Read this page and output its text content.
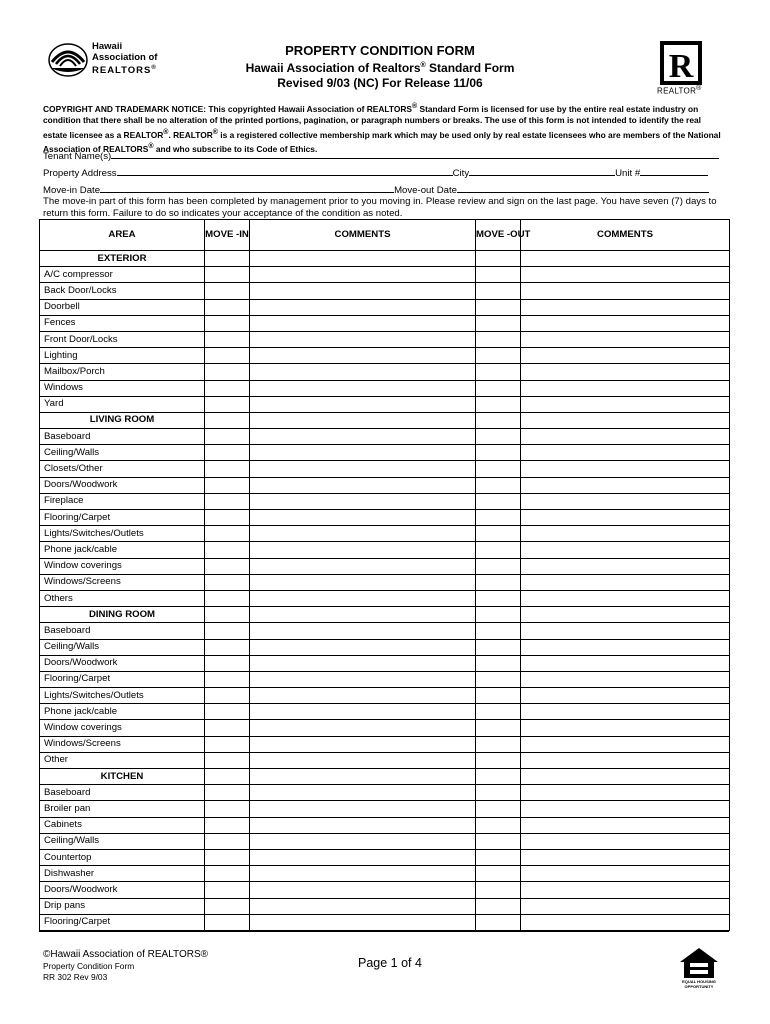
Hawaii
Association of
REALTORS®
PROPERTY CONDITION FORM
Hawaii Association of Realtors® Standard Form
Revised 9/03 (NC) For Release 11/06	R
REALTOR®
COPYRIGHT AND TRADEMARK NOTICE: This copyrighted Hawaii Association of REALTORS® Standard Form is licensed for use by the entire real estate industry on condition that there shall be no alteration of the printed portions, pagination, or paragraph numbers or breaks. The use of this form is not intended to identify the real estate licensee as a REALTOR®. REALTOR® is a registered collective membership mark which may be used only by real estate licensees who are members of the National Association of REALTORS® and who subscribe to its Code of Ethics.
Tenant Name(s)
Property Address	City	Unit #
Move-in Date	Move-out Date
The move-in part of this form has been completed by management prior to you moving in. Please review and sign on the last page. You have seven (7) days to return this form. Failure to do so indicates your acceptance of the condition as noted.
AREA	MOVE -IN	COMMENTS	MOVE -OUT	COMMENTS
EXTERIOR				
A/C compressor				
Back Door/Locks				
Doorbell				
Fences				
Front Door/Locks				
Lighting				
Mailbox/Porch				
Windows				
Yard				
LIVING ROOM				
Baseboard				
Ceiling/Walls				
Closets/Other				
Doors/Woodwork				
Fireplace				
Flooring/Carpet				
Lights/Switches/Outlets				
Phone jack/cable				
Window coverings				
Windows/Screens				
Others				
DINING ROOM				
Baseboard				
Ceiling/Walls				
Doors/Woodwork				
Flooring/Carpet				
Lights/Switches/Outlets				
Phone jack/cable				
Window coverings				
Windows/Screens				
Other				
KITCHEN				
Baseboard				
Broiler pan				
Cabinets				
Ceiling/Walls				
Countertop				
Dishwasher				
Doors/Woodwork				
Drip pans				
Flooring/Carpet				
©Hawaii Association of REALTORS®
Property Condition Form
RR 302 Rev 9/03
Page 1 of 4
EQUAL HOUSING
OPPORTUNITY
